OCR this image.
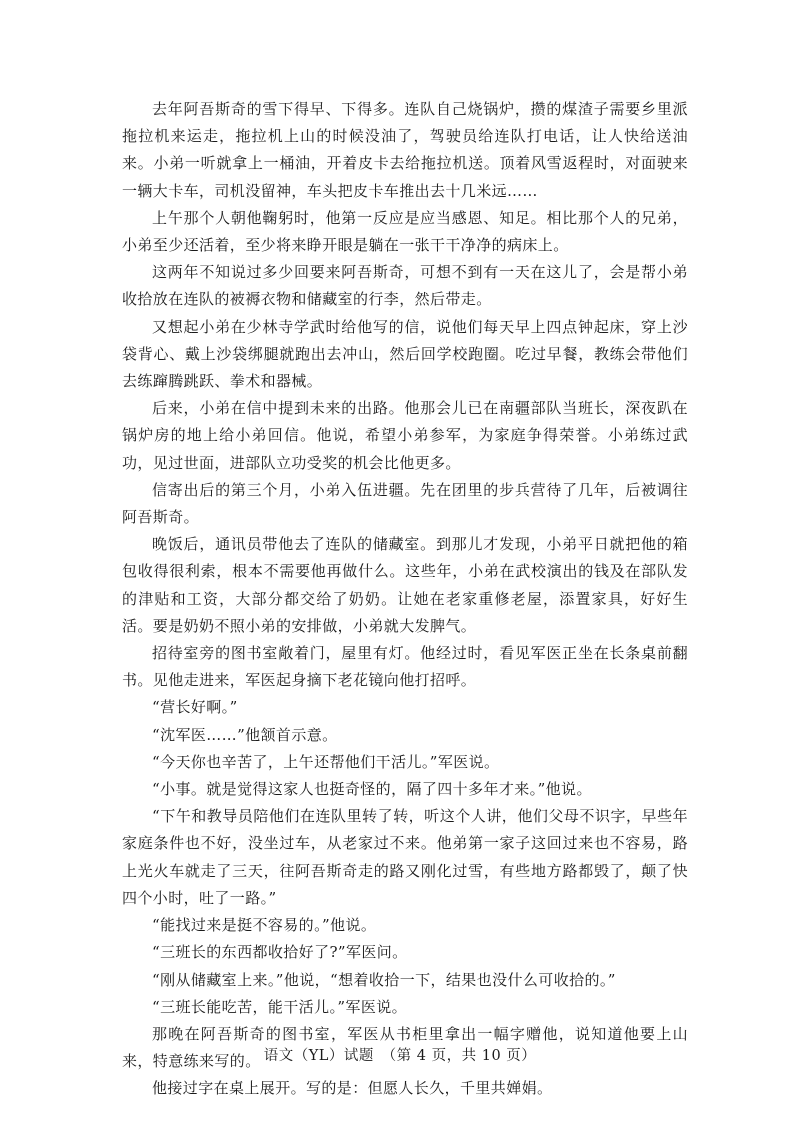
去年阿吾斯奇的雪下得早、下得多。连队自己烧锅炉，攒的煤渣子需要乡里派拖拉机来运走，拖拉机上山的时候没油了，驾驶员给连队打电话，让人快给送油来。小弟一听就拿上一桶油，开着皮卡去给拖拉机送。顶着风雪返程时，对面驶来一辆大卡车，司机没留神，车头把皮卡车推出去十几米远……

上午那个人朝他鞠躬时，他第一反应是应当感恩、知足。相比那个人的兄弟，小弟至少还活着，至少将来睁开眼是躺在一张干干净净的病床上。

这两年不知说过多少回要来阿吾斯奇，可想不到有一天在这儿了，会是帮小弟收拾放在连队的被褥衣物和储藏室的行李，然后带走。

又想起小弟在少林寺学武时给他写的信，说他们每天早上四点钟起床，穿上沙袋背心、戴上沙袋绑腿就跑出去冲山，然后回学校跑圈。吃过早餐，教练会带他们去练蹿腾跳跃、拳术和器械。

后来，小弟在信中提到未来的出路。他那会儿已在南疆部队当班长，深夜趴在锅炉房的地上给小弟回信。他说，希望小弟参军，为家庭争得荣誉。小弟练过武功，见过世面，进部队立功受奖的机会比他更多。

信寄出后的第三个月，小弟入伍进疆。先在团里的步兵营待了几年，后被调往阿吾斯奇。

晚饭后，通讯员带他去了连队的储藏室。到那儿才发现，小弟平日就把他的箱包收得很利索，根本不需要他再做什么。这些年，小弟在武校演出的钱及在部队发的津贴和工资，大部分都交给了奶奶。让她在老家重修老屋，添置家具，好好生活。要是奶奶不照小弟的安排做，小弟就大发脾气。

招待室旁的图书室敞着门，屋里有灯。他经过时，看见军医正坐在长条桌前翻书。见他走进来，军医起身摘下老花镜向他打招呼。

“营长好啊。”

“沈军医……”他颔首示意。

“今天你也辛苦了，上午还帮他们干活儿。”军医说。

“小事。就是觉得这家人也挺奇怪的，隔了四十多年才来。”他说。

“下午和教导员陪他们在连队里转了转，听这个人讲，他们父母不识字，早些年家庭条件也不好，没坐过车，从老家过不来。他弟第一家子这回过来也不容易，路上光火车就走了三天，往阿吾斯奇走的路又刚化过雪，有些地方路都毁了，颠了快四个小时，吐了一路。”

“能找过来是挺不容易的。”他说。

“三班长的东西都收拾好了?”军医问。

“刚从储藏室上来。”他说，“想着收拾一下，结果也没什么可收拾的。”

“三班长能吃苦，能干活儿。”军医说。

那晚在阿吾斯奇的图书室，军医从书柜里拿出一幅字赠他，说知道他要上山来，特意练来写的。

他接过字在桌上展开。写的是：但愿人长久，千里共婵娟。

语文（YL）试题　（第 4 页，共 10 页）
